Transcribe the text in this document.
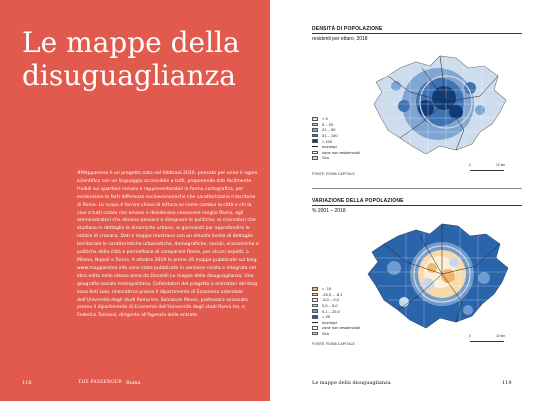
Le mappe della
disuguaglianza

#Mapparoma è un progetto nato nel febbraio 2016, pensato per unire il rigore scientifico con un linguaggio accessibile a tutti, proponendo dati facilmente fruibili sui quartieri romani e rappresentandoli in forma cartografica, per evidenziare le forti differenze socioeconomiche che caratterizzano il territorio di Roma. Lo scopo è fornire chiavi di lettura su come cambia la città e chi la vive a tutti coloro che amano e desiderano conoscere meglio Roma, agli amministratori che devono pensare e disegnare le politiche, ai ricercatori che studiano in dettaglio le dinamiche urbane, ai giornalisti per approfondire le notizie di cronaca. Dati e mappe mostrano con un elevato livello di dettaglio territoriale le caratteristiche urbanistiche, demografiche, sociali, economiche e politiche della città e permettono di comparare Roma, per alcuni aspetti, a Milano, Napoli e Torino. A ottobre 2019 le prime 26 mappe pubblicate sul blog www.mapparoma.info sono state pubblicate in versione rivista e integrata nel libro edito nello stesso anno da Donzelli Le mappe della disuguaglianza. Una geografia sociale metropolitana. Cofondatori del progetto e animatori del blog sono Keti Lelo, ricercatrice presso il dipartimento di Economia aziendale dell'Università degli studi Roma tre, Salvatore Monni, professore associato presso il dipartimento di Economia dell'Università degli studi Roma tre, e Federico Tomassi, dirigente all'Agenzia delle entrate.

118	THE PASSENGER Roma
DENSITÀ DI POPOLAZIONE
residenti per ettaro, 2018
< 5
5 – 20
21 – 50
51 – 100
> 100
municipi
zone non residenziali
Gra
FONTE: ROMA CAPITALE
0	10 km
VARIAZIONE DELLA POPOLAZIONE
% 2001 – 2018
< -15
-15,0 – -5,1
-5,0 – 0,0
0,0 – 5,0
5,1 – 25,0
> 25
municipi
zone non residenziali
Gra
FONTE: ROMA CAPITALE
0	10 km
Le mappe della disuguaglianza	119
